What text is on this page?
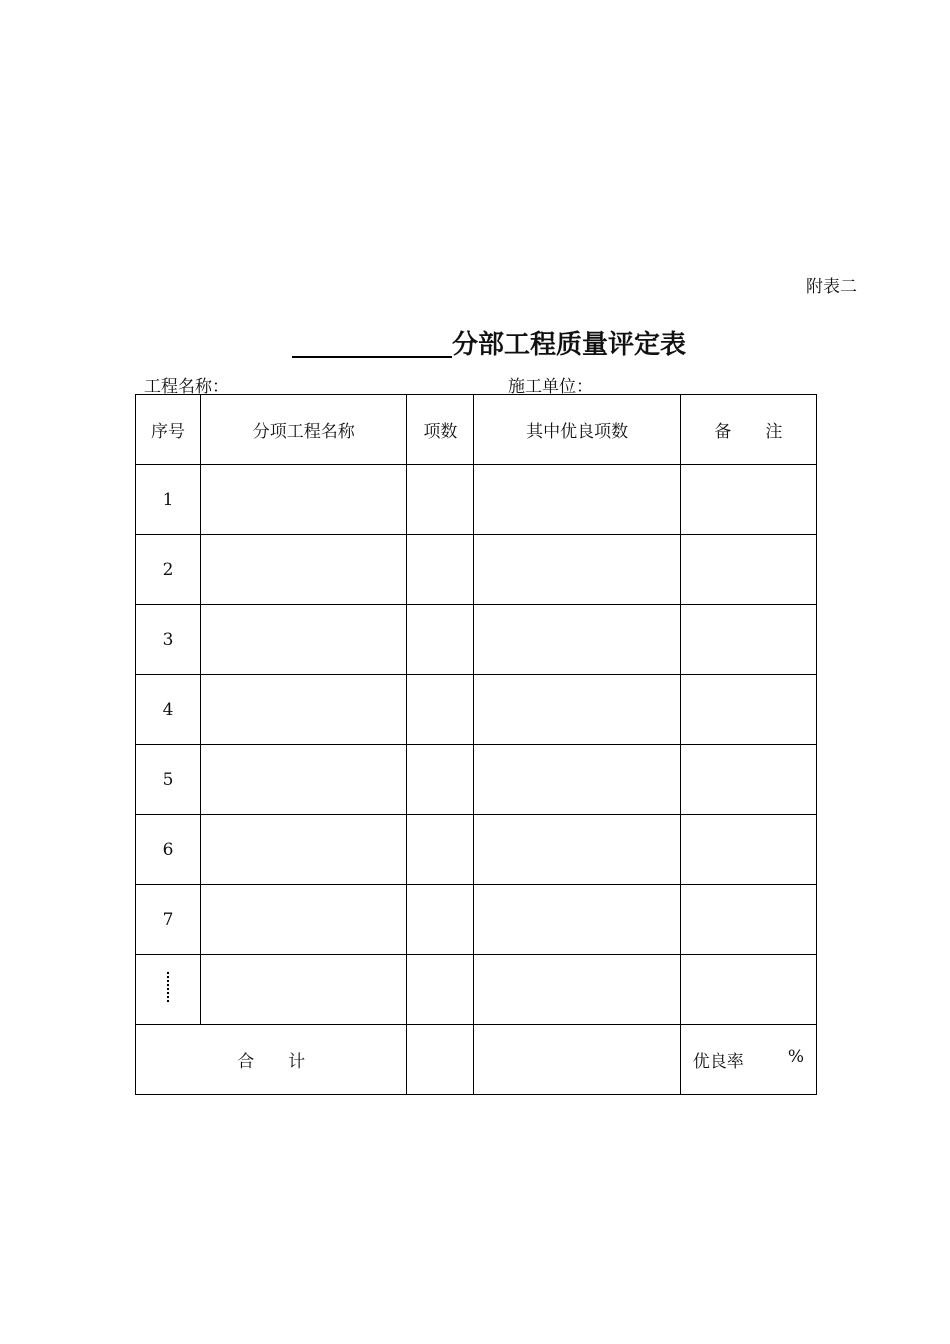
附表二
分部工程质量评定表
工程名称：	施工单位：
序号	分项工程名称	项数	其中优良项数	备　　注
1				
2				
3				
4				
5				
6				
7				

合　　计				优良率 %
